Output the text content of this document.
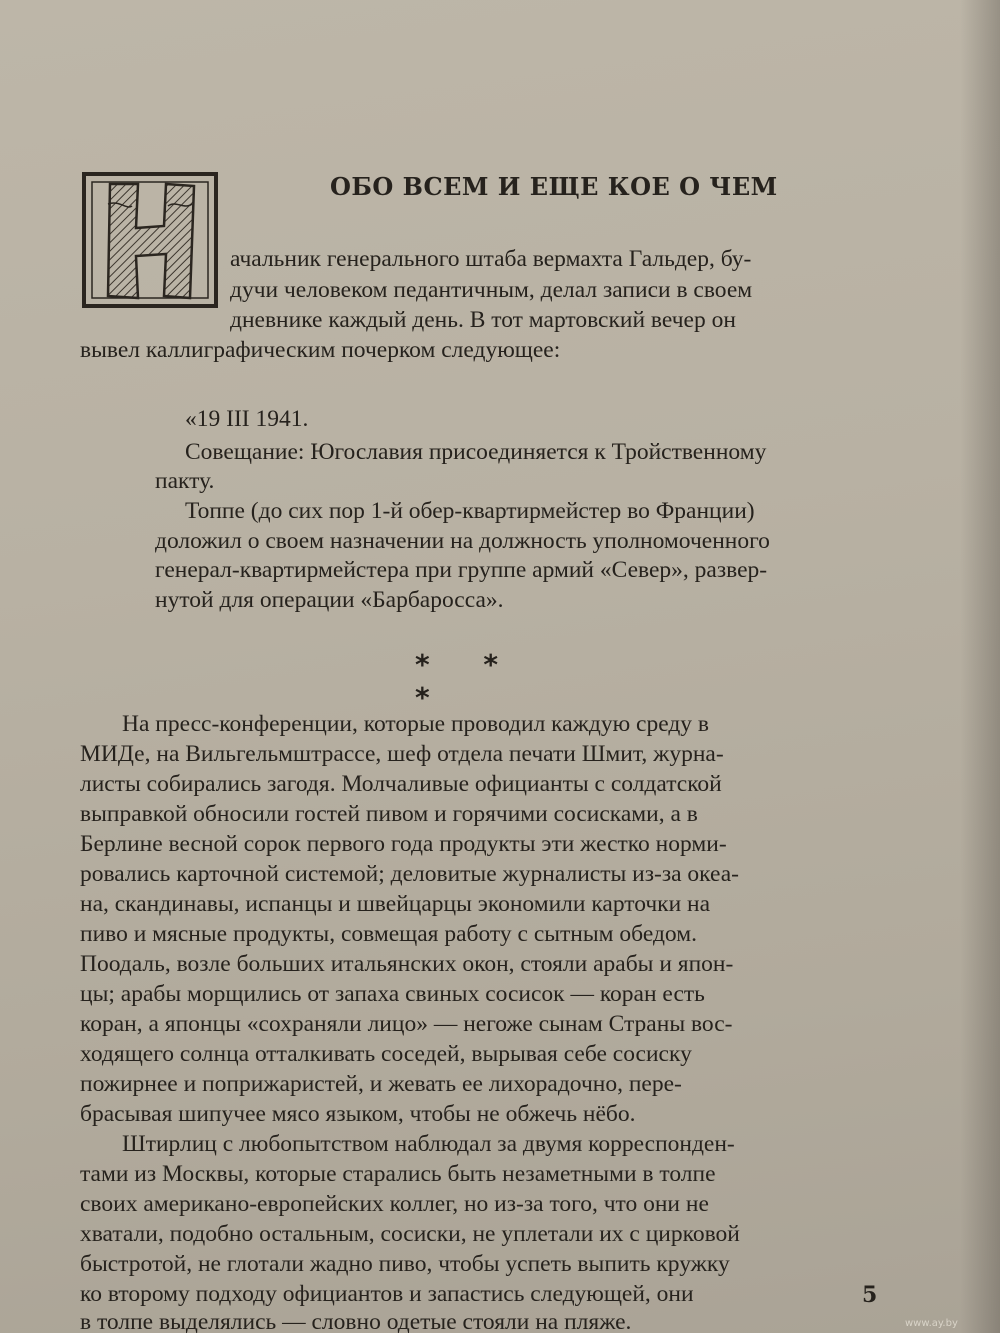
ОБО ВСЕМ И ЕЩЕ КОЕ О ЧЕМ
ачальник генерального штаба вермахта Гальдер, бу-
дучи человеком педантичным, делал записи в своем
дневнике каждый день. В тот мартовский вечер он
вывел каллиграфическим почерком следующее:
«19 III 1941.
Совещание: Югославия присоединяется к Тройственному
пакту.
Топпе (до сих пор 1-й обер-квартирмейстер во Франции)
доложил о своем назначении на должность уполномоченного
генерал-квартирмейстера при группе армий «Север», развер-
нутой для операции «Барбаросса».
* * *
На пресс-конференции, которые проводил каждую среду в
МИДе, на Вильгельмштрассе, шеф отдела печати Шмит, журна-
листы собирались загодя. Молчаливые официанты с солдатской
выправкой обносили гостей пивом и горячими сосисками, а в
Берлине весной сорок первого года продукты эти жестко норми-
ровались карточной системой; деловитые журналисты из-за океа-
на, скандинавы, испанцы и швейцарцы экономили карточки на
пиво и мясные продукты, совмещая работу с сытным обедом.
Поодаль, возле больших итальянских окон, стояли арабы и япон-
цы; арабы морщились от запаха свиных сосисок — коран есть
коран, а японцы «сохраняли лицо» — негоже сынам Страны вос-
ходящего солнца отталкивать соседей, вырывая себе сосиску
пожирнее и поприжаристей, и жевать ее лихорадочно, пере-
брасывая шипучее мясо языком, чтобы не обжечь нёбо.
Штирлиц с любопытством наблюдал за двумя корреспонден-
тами из Москвы, которые старались быть незаметными в толпе
своих американо-европейских коллег, но из-за того, что они не
хватали, подобно остальным, сосиски, не уплетали их с цирковой
быстротой, не глотали жадно пиво, чтобы успеть выпить кружку
ко второму подходу официантов и запастись следующей, они
в толпе выделялись — словно одетые стояли на пляже.
5
www.ay.by
